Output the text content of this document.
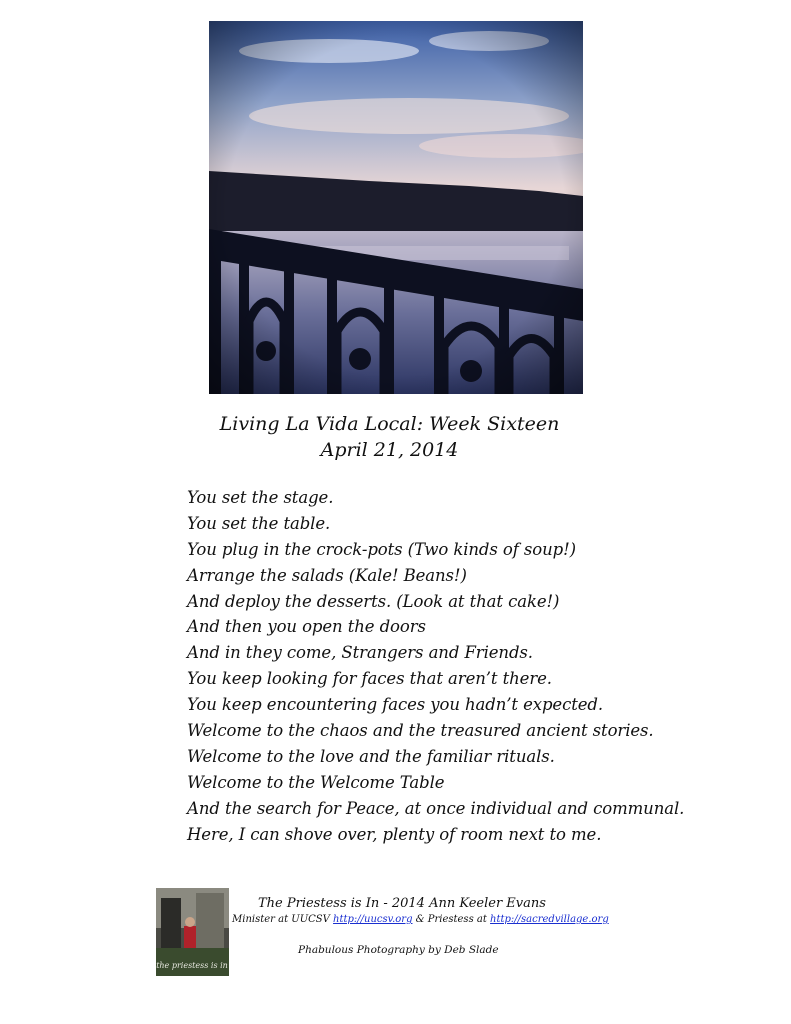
Living La Vida Local: Week Sixteen
April 21, 2014
You set the stage.
You set the table.
You plug in the crock-pots (Two kinds of soup!)
Arrange the salads (Kale! Beans!)
And deploy the desserts. (Look at that cake!)
And then you open the doors
And in they come, Strangers and Friends.
You keep looking for faces that aren’t there.
You keep encountering faces you hadn’t expected.
Welcome to the chaos and the treasured ancient stories.
Welcome to the love and the familiar rituals.
Welcome to the Welcome Table
And the search for Peace, at once individual and communal.
Here, I can shove over, plenty of room next to me.
the priestess is in
The Priestess is In - 2014 Ann Keeler Evans
Minister at UUCSV http://uucsv.org & Priestess at http://sacredvillage.org
Phabulous Photography by Deb Slade
